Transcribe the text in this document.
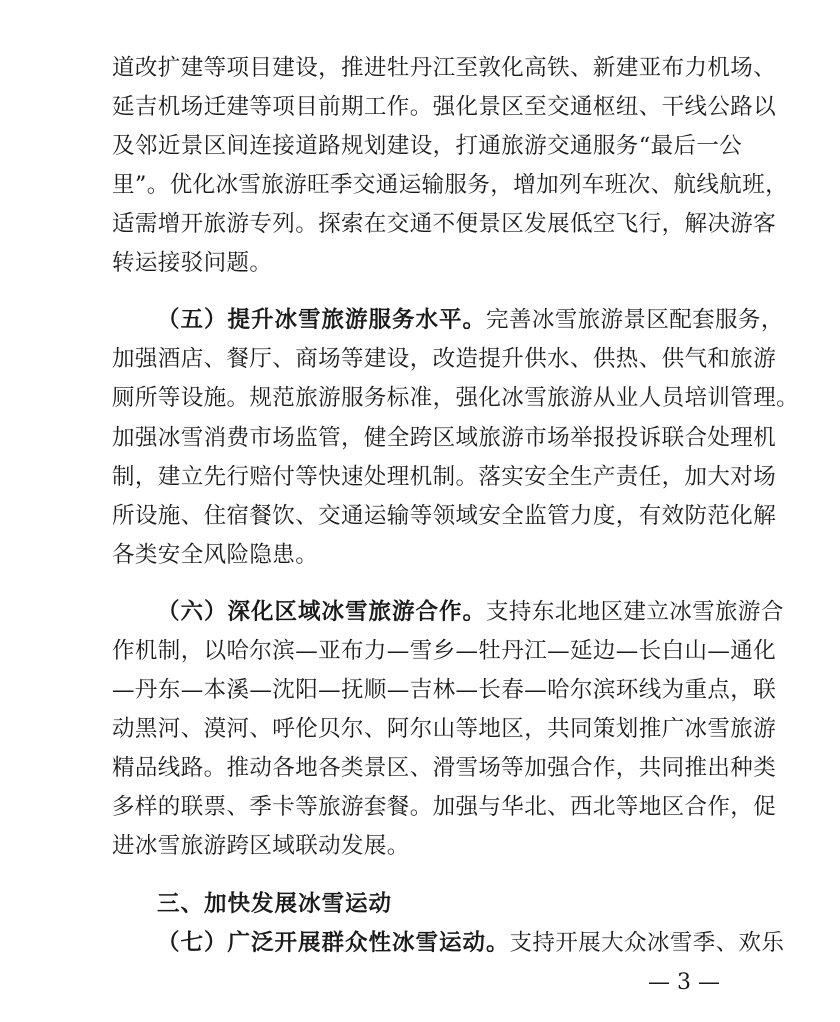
道改扩建等项目建设，推进牡丹江至敦化高铁、新建亚布力机场、
延吉机场迁建等项目前期工作。强化景区至交通枢纽、干线公路以
及邻近景区间连接道路规划建设，打通旅游交通服务“最后一公
里”。优化冰雪旅游旺季交通运输服务，增加列车班次、航线航班，
适需增开旅游专列。探索在交通不便景区发展低空飞行，解决游客
转运接驳问题。
（五）提升冰雪旅游服务水平。完善冰雪旅游景区配套服务，
加强酒店、餐厅、商场等建设，改造提升供水、供热、供气和旅游
厕所等设施。规范旅游服务标准，强化冰雪旅游从业人员培训管理。
加强冰雪消费市场监管，健全跨区域旅游市场举报投诉联合处理机
制，建立先行赔付等快速处理机制。落实安全生产责任，加大对场
所设施、住宿餐饮、交通运输等领域安全监管力度，有效防范化解
各类安全风险隐患。
（六）深化区域冰雪旅游合作。支持东北地区建立冰雪旅游合
作机制，以哈尔滨—亚布力—雪乡—牡丹江—延边—长白山—通化
—丹东—本溪—沈阳—抚顺—吉林—长春—哈尔滨环线为重点，联
动黑河、漠河、呼伦贝尔、阿尔山等地区，共同策划推广冰雪旅游
精品线路。推动各地各类景区、滑雪场等加强合作，共同推出种类
多样的联票、季卡等旅游套餐。加强与华北、西北等地区合作，促
进冰雪旅游跨区域联动发展。
三、加快发展冰雪运动
（七）广泛开展群众性冰雪运动。支持开展大众冰雪季、欢乐
— 3 —
